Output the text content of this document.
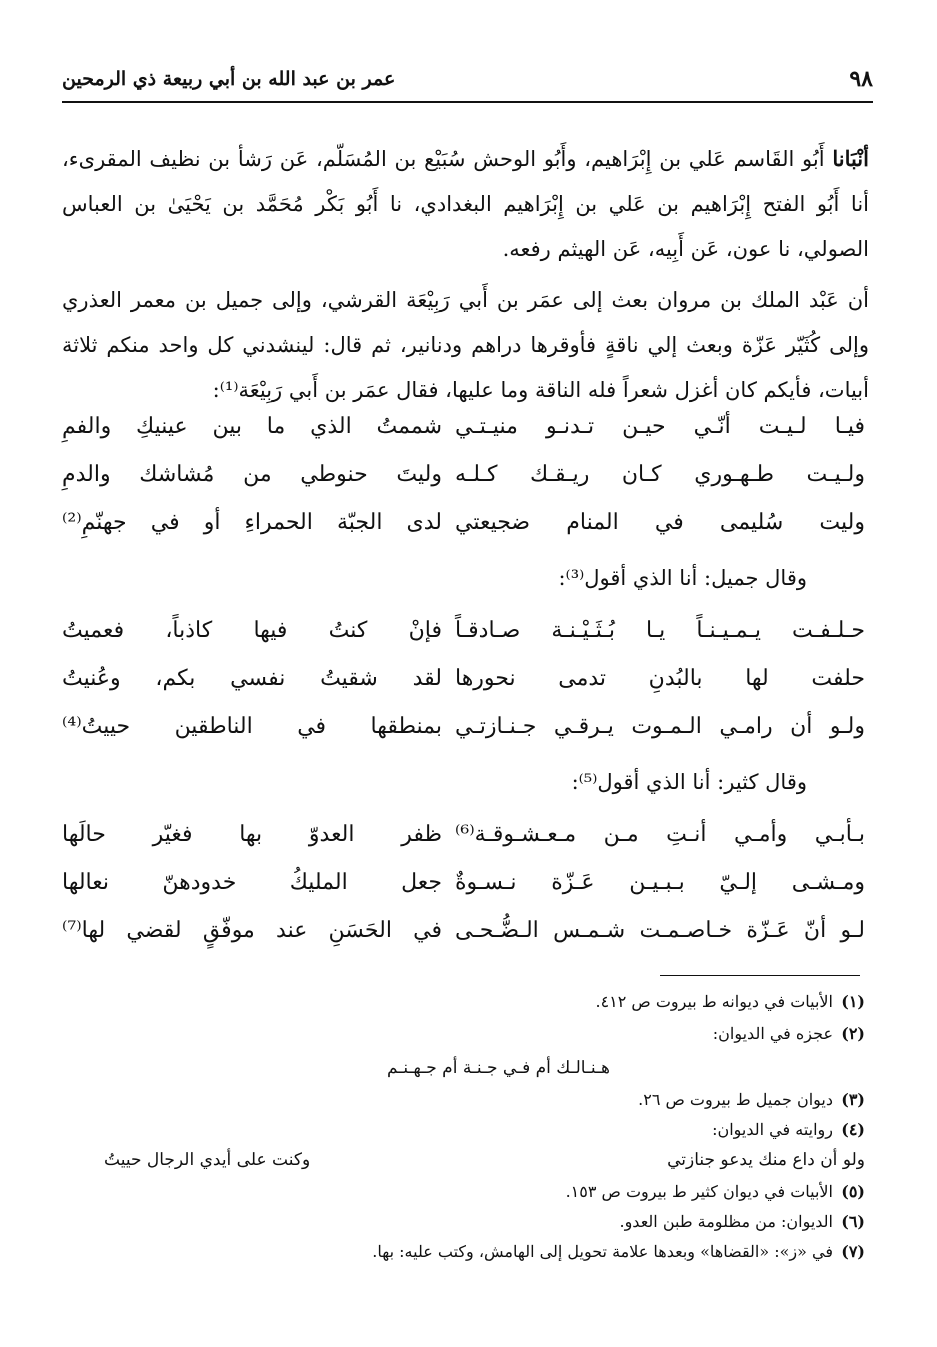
٩٨
عمر بن عبد الله بن أبي ربيعة ذي الرمحين

أنْبَانا أَبُو القَاسم عَلي بن إِبْرَاهيم، وأَبُو الوحش سُبَيْع بن المُسَلّم، عَن رَشأ بن نظيف المقرىء، أنا أَبُو الفتح إِبْرَاهيم بن عَلي بن إِبْرَاهيم البغدادي، نا أَبُو بَكْر مُحَمَّد بن يَحْيَىٰ بن العباس الصولي، نا عون، عَن أَبِيه، عَن الهيثم رفعه.

أن عَبْد الملك بن مروان بعث إلى عمَر بن أَبي رَبِيْعَة القرشي، وإلى جميل بن معمر العذري وإلى كُثَيّر عَزّة وبعث إلي ناقةٍ فأوقرها دراهم ودنانير، ثم قال: لينشدني كل واحد منكم ثلاثة أبيات، فأيكم كان أغزل شعراً فله الناقة وما عليها، فقال عمَر بن أَبي رَبِيْعَة⁽¹⁾:

فيـا لـيـت أنّـي حيـن تـدنـو منيـتـي
شممتُ الذي ما بين عينيكِ والفمِ
ولـيـت طـهـوري كـان ريـقـك كـلـه
وليتَ حنوطي من مُشاشك والدمِ
وليت سُليمى في المنام ضجيعتي
لدى الجبّة الحمراءِ أو في جهنّمِ⁽²⁾
وقال جميل: أنا الذي أقول⁽³⁾:
حـلـفـت يـمـيـنـاً يـا بُـثَـيْـنـة صـادقـاً
فإنْ كنتُ فيها كاذباً، فعميتُ
حلفت لها بالبُدنِ تدمى نحورها
لقد شقيتُ نفسي بكم، وعُنيتُ
ولـو أن رامـي الـمـوت يـرقـي جـنـازتـي
بمنطقها في الناطقين حييتُ⁽⁴⁾
وقال كثير: أنا الذي أقول⁽⁵⁾:
بـأبـي وأمـي أنـتِ مـن مـعـشـوقـة⁽⁶⁾
ظفر العدوّ بها فغيّر حالَها
ومـشـى إلـيّ بـبـيـن عَـزّة نـسـوةٌ
جعل المليكُ خدودهنّ نعالها
لـو أنّ عَـزّة خـاصـمـت شـمـس الـضُّـحـى
في الحَسَنِ عند موفّقٍ لقضي لها⁽⁷⁾
(١)الأبيات في ديوانه ط بيروت ص ٤١٢.
(٢)عجزه في الديوان:
هـنـالـك أم فـي جـنـة أم جـهـنـم
(٣)ديوان جميل ط بيروت ص ٢٦.
(٤)روايته في الديوان:
ولو أن داع منك يدعو جنازتي
وكنت على أيدي الرجال حييتُ
(٥)الأبيات في ديوان كثير ط بيروت ص ١٥٣.
(٦)الديوان: من مظلومة طبن العدو.
(٧)في «ز»: «القضاها» وبعدها علامة تحويل إلى الهامش، وكتب عليه: بها.
